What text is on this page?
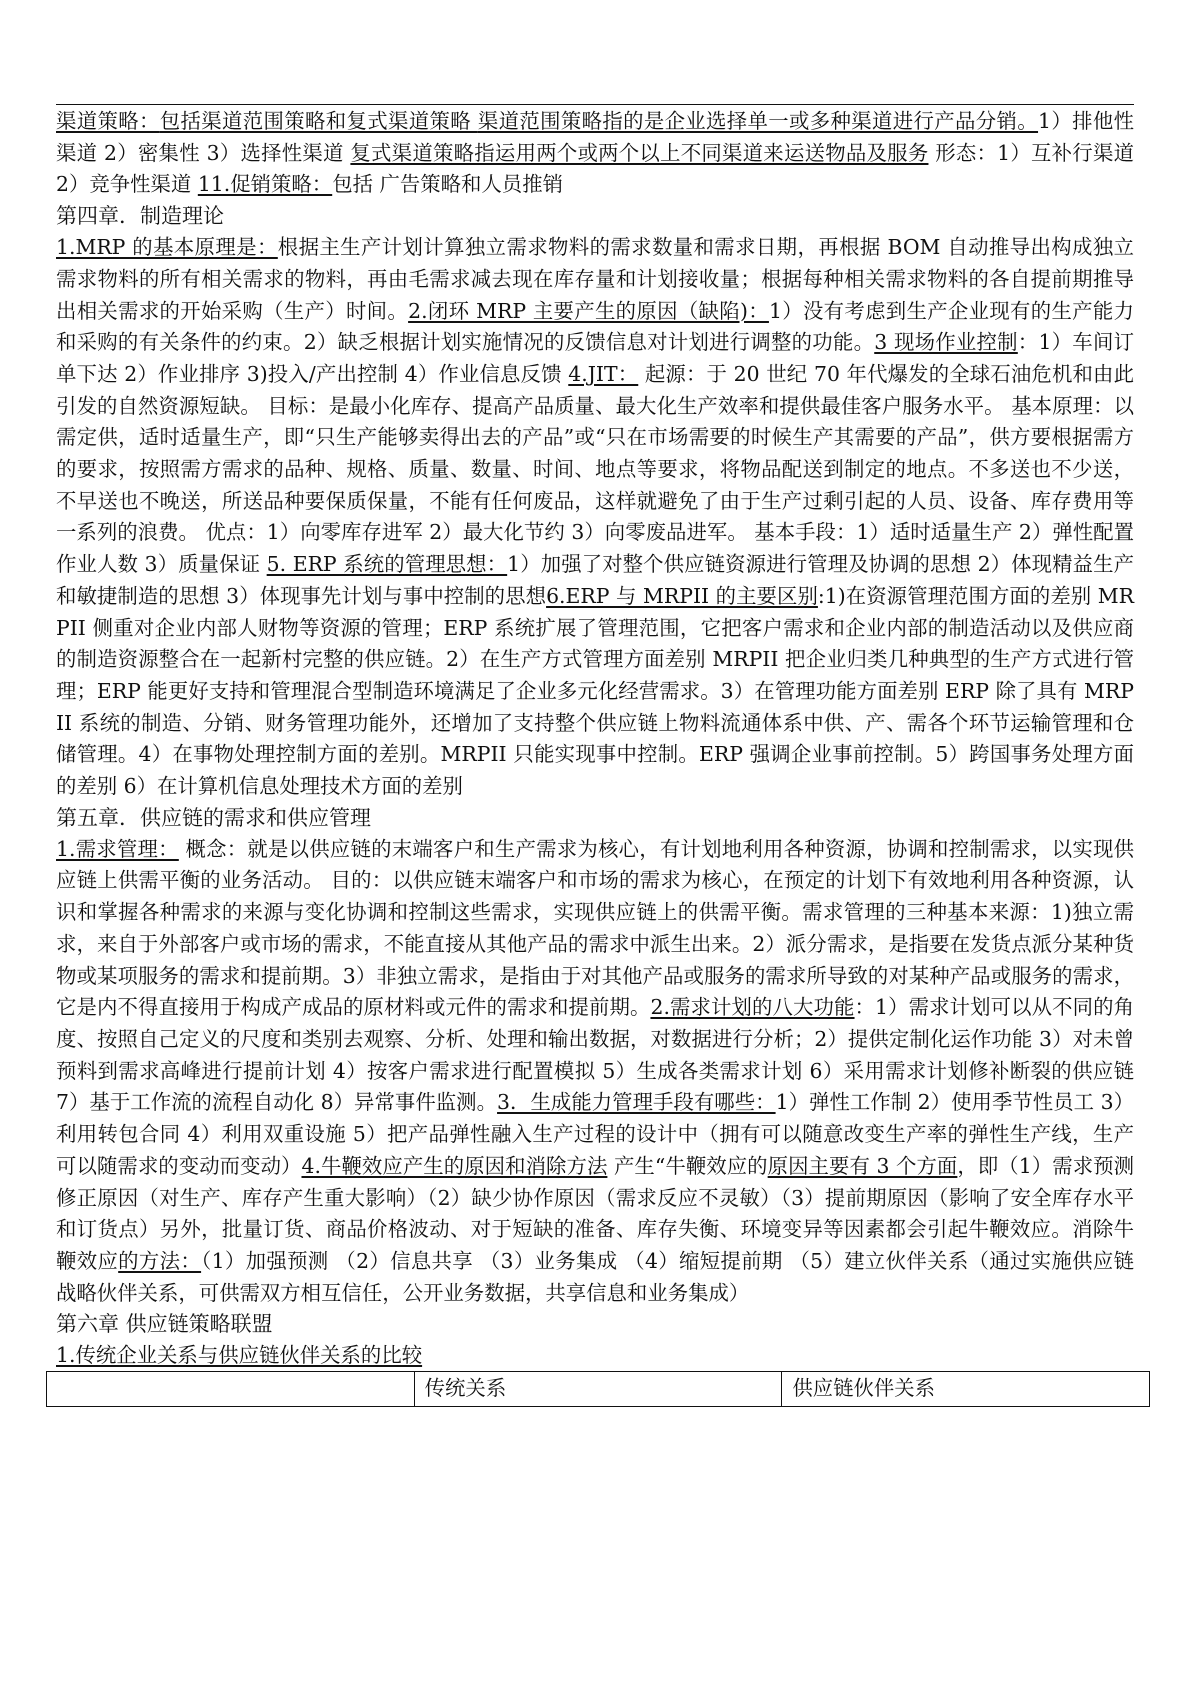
渠道策略：包括渠道范围策略和复式渠道策略 渠道范围策略指的是企业选择单一或多种渠道进行产品分销。1）排他性渠道 2）密集性 3）选择性渠道 复式渠道策略指运用两个或两个以上不同渠道来运送物品及服务 形态：1）互补行渠道 2）竞争性渠道 11.促销策略：包括 广告策略和人员推销

第四章．制造理论

1.MRP 的基本原理是：根据主生产计划计算独立需求物料的需求数量和需求日期，再根据 BOM 自动推导出构成独立需求物料的所有相关需求的物料，再由毛需求减去现在库存量和计划接收量；根据每种相关需求物料的各自提前期推导出相关需求的开始采购（生产）时间。2.闭环 MRP 主要产生的原因（缺陷)：1）没有考虑到生产企业现有的生产能力和采购的有关条件的约束。2）缺乏根据计划实施情况的反馈信息对计划进行调整的功能。3 现场作业控制：1）车间订单下达 2）作业排序 3)投入/产出控制 4）作业信息反馈 4.JIT： 起源：于 20 世纪 70 年代爆发的全球石油危机和由此引发的自然资源短缺。 目标：是最小化库存、提高产品质量、最大化生产效率和提供最佳客户服务水平。 基本原理：以需定供，适时适量生产，即“只生产能够卖得出去的产品”或“只在市场需要的时候生产其需要的产品”，供方要根据需方的要求，按照需方需求的品种、规格、质量、数量、时间、地点等要求，将物品配送到制定的地点。不多送也不少送，不早送也不晚送，所送品种要保质保量，不能有任何废品，这样就避免了由于生产过剩引起的人员、设备、库存费用等一系列的浪费。 优点：1）向零库存进军 2）最大化节约 3）向零废品进军。 基本手段：1）适时适量生产 2）弹性配置作业人数 3）质量保证 5. ERP 系统的管理思想：1）加强了对整个供应链资源进行管理及协调的思想 2）体现精益生产和敏捷制造的思想 3）体现事先计划与事中控制的思想6.ERP 与 MRPII 的主要区别:1)在资源管理范围方面的差别 MRPII 侧重对企业内部人财物等资源的管理；ERP 系统扩展了管理范围，它把客户需求和企业内部的制造活动以及供应商的制造资源整合在一起新村完整的供应链。2）在生产方式管理方面差别 MRPII 把企业归类几种典型的生产方式进行管理；ERP 能更好支持和管理混合型制造环境满足了企业多元化经营需求。3）在管理功能方面差别 ERP 除了具有 MRPII 系统的制造、分销、财务管理功能外，还增加了支持整个供应链上物料流通体系中供、产、需各个环节运输管理和仓储管理。4）在事物处理控制方面的差别。MRPII 只能实现事中控制。ERP 强调企业事前控制。5）跨国事务处理方面的差别 6）在计算机信息处理技术方面的差别

第五章．供应链的需求和供应管理

1.需求管理： 概念：就是以供应链的末端客户和生产需求为核心，有计划地利用各种资源，协调和控制需求，以实现供应链上供需平衡的业务活动。 目的：以供应链末端客户和市场的需求为核心，在预定的计划下有效地利用各种资源，认识和掌握各种需求的来源与变化协调和控制这些需求，实现供应链上的供需平衡。需求管理的三种基本来源：1)独立需求，来自于外部客户或市场的需求，不能直接从其他产品的需求中派生出来。2）派分需求，是指要在发货点派分某种货物或某项服务的需求和提前期。3）非独立需求，是指由于对其他产品或服务的需求所导致的对某种产品或服务的需求，它是内不得直接用于构成产成品的原材料或元件的需求和提前期。2.需求计划的八大功能：1）需求计划可以从不同的角度、按照自己定义的尺度和类别去观察、分析、处理和输出数据，对数据进行分析；2）提供定制化运作功能 3）对未曾预料到需求高峰进行提前计划 4）按客户需求进行配置模拟 5）生成各类需求计划 6）采用需求计划修补断裂的供应链 7）基于工作流的流程自动化 8）异常事件监测。3．生成能力管理手段有哪些：1）弹性工作制 2）使用季节性员工 3）利用转包合同 4）利用双重设施 5）把产品弹性融入生产过程的设计中（拥有可以随意改变生产率的弹性生产线，生产可以随需求的变动而变动）4.牛鞭效应产生的原因和消除方法 产生“牛鞭效应的原因主要有 3 个方面，即（1）需求预测修正原因（对生产、库存产生重大影响）（2）缺少协作原因（需求反应不灵敏）（3）提前期原因（影响了安全库存水平和订货点）另外，批量订货、商品价格波动、对于短缺的准备、库存失衡、环境变异等因素都会引起牛鞭效应。消除牛鞭效应的方法：（1）加强预测 （2）信息共享 （3）业务集成 （4）缩短提前期 （5）建立伙伴关系（通过实施供应链战略伙伴关系，可供需双方相互信任，公开业务数据，共享信息和业务集成）

第六章 供应链策略联盟

1.传统企业关系与供应链伙伴关系的比较

	传统关系	供应链伙伴关系
